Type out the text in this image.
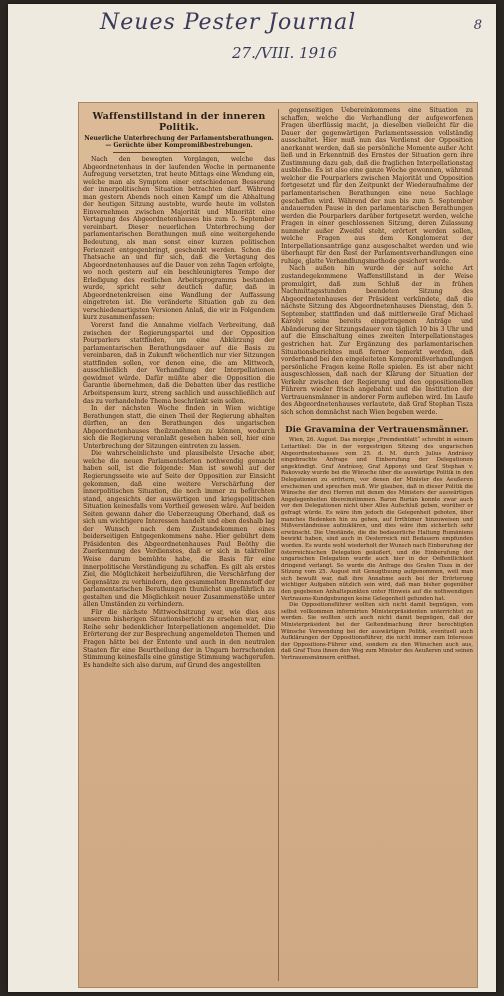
Neues Pester Journal
27./VIII. 1916
8
Waffenstillstand in der inneren Politik.
Neuerliche Unterbrechung der Parlamentsberathungen. — Gerüchte über Kompromißbestrebungen.

Nach den bewegten Vorgängen, welche das Abgeordnetenhaus in der laufenden Woche in permanente Aufregung versetzten, trat heute Mittags eine Wendung ein, welche man als Symptom einer entschiedenen Besserung der innerpolitischen Situation betrachten darf. Während man gestern Abends noch einen Kampf um die Abhaltung der heutigen Sitzung austobte, wurde heute im vollsten Einvernehmen zwischen Majorität und Minorität eine Vertagung des Abgeordnetenhauses bis zum 5. September vereinbart. Dieser neuerlichen Unterbrechung der parlamentarischen Berathungen muß eine weitergehende Bedeutung, als man sonst einer kurzen politischen Ferienzeit entgegenbringt, geschenkt werden. Schon die Thatsache an und für sich, daß die Vertagung des Abgeordnetenhauses auf die Dauer von zehn Tagen erfolgte, wo noch gestern auf ein beschleunigteres Tempo der Erledigung des restlichen Arbeitsprogramms bestanden wurde, spricht sehr deutlich dafür, daß in Abgeordnetenkreisen eine Wandlung der Auffassung eingetreten ist. Die veränderte Situation gab zu den verschiedenartigsten Versionen Anlaß, die wir in Folgendem kurz zusammenfassen:

Vorerst fand die Annahme vielfach Verbreitung, daß zwischen der Regierungspartei und der Opposition Pourparlers stattfinden, um eine Abkürzung der parlamentarischen Berathungsdauer auf die Basis zu vereinbaren, daß in Zukunft wöchentlich nur vier Sitzungen stattfinden sollen, vor denen eine, die am Mittwoch, ausschließlich der Verhandlung der Interpellationen gewidmet würde. Dafür müßte aber die Opposition die Garantie übernehmen, daß die Debatten über das restliche Arbeitspensum kurz, streng sachlich und ausschließlich auf das zu verhandelnde Thema beschränkt sein sollen.

In der nächsten Woche finden in Wien wichtige Berathungen statt, die einen Theil der Regierung abhalten dürften, an den Berathungen des ungarischen Abgeordnetenhauses theilzunehmen zu können, wodurch sich die Regierung veranlaßt gesehen haben soll, hier eine Unterbrechung der Sitzungen eintreten zu lassen.

Die wahrscheinlichste und plausibelste Ursache aber, welche die neuen Parlamentsferien nothwendig gemacht haben soll, ist die folgende: Man ist sowohl auf der Regierungsseite wie auf Seite der Opposition zur Einsicht gekommen, daß eine weitere Verschärfung der innerpolitischen Situation, die noch immer zu befürchten stand, angesichts der auswärtigen und kriegspolitischen Situation keinesfalls vom Vortheil gewesen wäre. Auf beiden Seiten gewann daher die Ueberzeugung Oberhand, daß es sich um wichtigere Interessen handelt und eben deshalb lag der Wunsch nach dem Zustandekommen eines beiderseitigen Entgegenkommens nahe. Hier gebührt dem Präsidenten des Abgeordnetenhauses Paul Beöthy die Zuerkennung des Verdienstes, daß er sich in taktvoller Weise darum bemühte habe, die Basis für eine innerpolitische Verständigung zu schaffen. Es gilt als erstes Ziel, die Möglichkeit herbeizuführen, die Verschärfung der Gegensätze zu verhindern, den gesammelten Brennstoff der parlamentarischen Berathungen thunlichst ungefährlich zu gestalten und die Möglichkeit neuer Zusammenstöße unter allen Umständen zu verhindern.

Für die nächste Mittwochsitzung war, wie dies aus unserem bisherigen Situationsbericht zu ersehen war, eine Reihe sehr bedenklicher Interpellationen angemeldet. Die Erörterung der zur Besprechung angemeldeten Themen und Fragen hätte bei der Entente und auch in den neutralen Staaten für eine Beurtheilung der in Ungarn herrschenden Stimmung keinesfalls eine günstige Stimmung wachgerufen. Es handelte sich also darum, auf Grund des angestellten

gegenseitigen Uebereinkommens eine Situation zu schaffen, welche die Verhandlung der aufgeworfenen Fragen überflüssig macht, ja dieselben vielleicht für die Dauer der gegenwärtigen Parlamentssession vollständig ausschaltet. Hier muß nun das Verdienst der Opposition anerkannt werden, daß sie persönliche Momente außer Acht ließ und in Erkenntniß des Ernstes der Situation gern ihre Zustimmung dazu gab, daß die fraglichen Interpellationstag ausbleibe. Es ist also eine ganze Woche gewonnen, während welcher die Pourparlers zwischen Majorität und Opposition fortgesetzt und für den Zeitpunkt der Wiederaufnahme der parlamentarischen Berathungen eine neue Sachlage geschaffen wird. Während der nun bis zum 5. September andauernden Pause in den parlamentarischen Berathungen werden die Pourparlers darüber fortgesetzt werden, welche Fragen in einer geschlossenen Sitzung, deren Zulassung nunmehr außer Zweifel steht, erörtert werden sollen, welche Fragen aus dem Konglomerat der Interpellationsanträge ganz ausgeschaltet werden und wie überhaupt für den Rest der Parlamentsverhandlungen eine ruhige, glatte Verhandlungsmethode gesichert werde.

Nach außen hin wurde der auf solche Art zustandegekommene Waffenstillstand in der Weise promulgirt, daß zum Schluß der in frühen Nachmittagsstunden beendeten Sitzung des Abgeordnetenhauses der Präsident verkündete, daß die nächste Sitzung des Abgeordnetenhauses Dienstag, den 5. September, stattfinden und daß mittlerweile Graf Michael Károlyi seine bereits eingetragenen Anträge und Abänderung der Sitzungsdauer von täglich 10 bis 3 Uhr und auf die Einschaltung eines zweiten Interpellationstages gestrichen hat. Zur Ergänzung des parlamentarischen Situationsberichtes muß ferner bemerkt werden, daß vorderhand bei den eingeleiteten Kompromißverhandlungen persönliche Fragen keine Rolle spielen. Es ist aber nicht ausgeschlossen, daß nach der Klärung der Situation der Verkehr zwischen der Regierung und den oppositionellen Führern wieder frisch angebahnt und die Institution der Vertrauensmänner in anderer Form aufleben wird. Im Laufe des Abgeordnetenhauses verlautete, daß Graf Stephan Tisza sich schon demnächst nach Wien begeben werde.

Die Gravamina der Vertrauensmänner.

Wien, 26. August. Das morgige „Fremdenblatt“ schreibt in seinem Leitartikel: Die in der vorgestrigen Sitzung des ungarischen Abgeordnetenhauses vom 25. d. M. durch Julius Andrássy eingebrachte Anfrage und Einberufung der Delegationen angekündigt. Graf Andrássy, Graf Apponyi und Graf Stephan v. Rakovszky wurde bei die Wünsche über die auswärtige Politik in den Delegationen zu erörtern, vor denen der Minister des Aeußeren erscheinen und sprechen muß. Wir glauben, daß in dieser Politik die Wünsche der drei Herren mit denen des Ministers der auswärtigen Angelegenheiten übereinstimmen. Baron Burián konnte zwar auch vor den Delegationen nicht über Alles Aufschluß geben, worüber er gefragt würde. Es wäre ihm jedoch die Gelegenheit geboten, über manches Bedenken hin zu gehen, auf Irrthümer hinzuweisen und Mißverständnisse aufzuklären, und dies wäre ihm sicherlich sehr erwünscht. Die Umstände, die die bedauerliche Haltung Rumäniens bewirkt haben, sind auch in Oesterreich mit Bedauern empfunden worden. Es wurde wohl wiederholt der Wunsch nach Einberufung der österreichischen Delegation geäußert, und die Einberufung der ungarischen Delegation wurde auch hier in der Oeffentlichkeit dringend verlangt. So wurde die Anfrage des Grafen Tisza in der Sitzung vom 25. August mit Genugthuung aufgenommen, weil man sich bewußt war, daß ihre Annahme auch bei der Erörterung wichtiger Aufgaben nützlich sein wird, daß man bisher gegenüber den gegebenen Anhaltspunkten unter Hinweis auf die nothwendigen Vertrauens-Kundgebungen keine Gelegenheit gefunden hat.

Die Oppositionsführer wollten sich nicht damit begnügen, vom selbst vollkommen informirten Ministerpräsidenten unterrichtet zu werden. Sie wollten sich auch nicht damit begnügen, daß der Ministerpräsident bei der Geltendmachung ihrer berechtigten Wünsche Verwendung bei der auswärtigen Politik, eventuell auch Aufklärungen der Oppositionsführer, die nicht immer zum Interesse der Oppositions-Führer sind, sondern zu den Wünschen auch aus, daß Graf Tisza ihnen den Weg zum Minister des Aeußeren und seinen Vertrauensmännern eröffnet.
